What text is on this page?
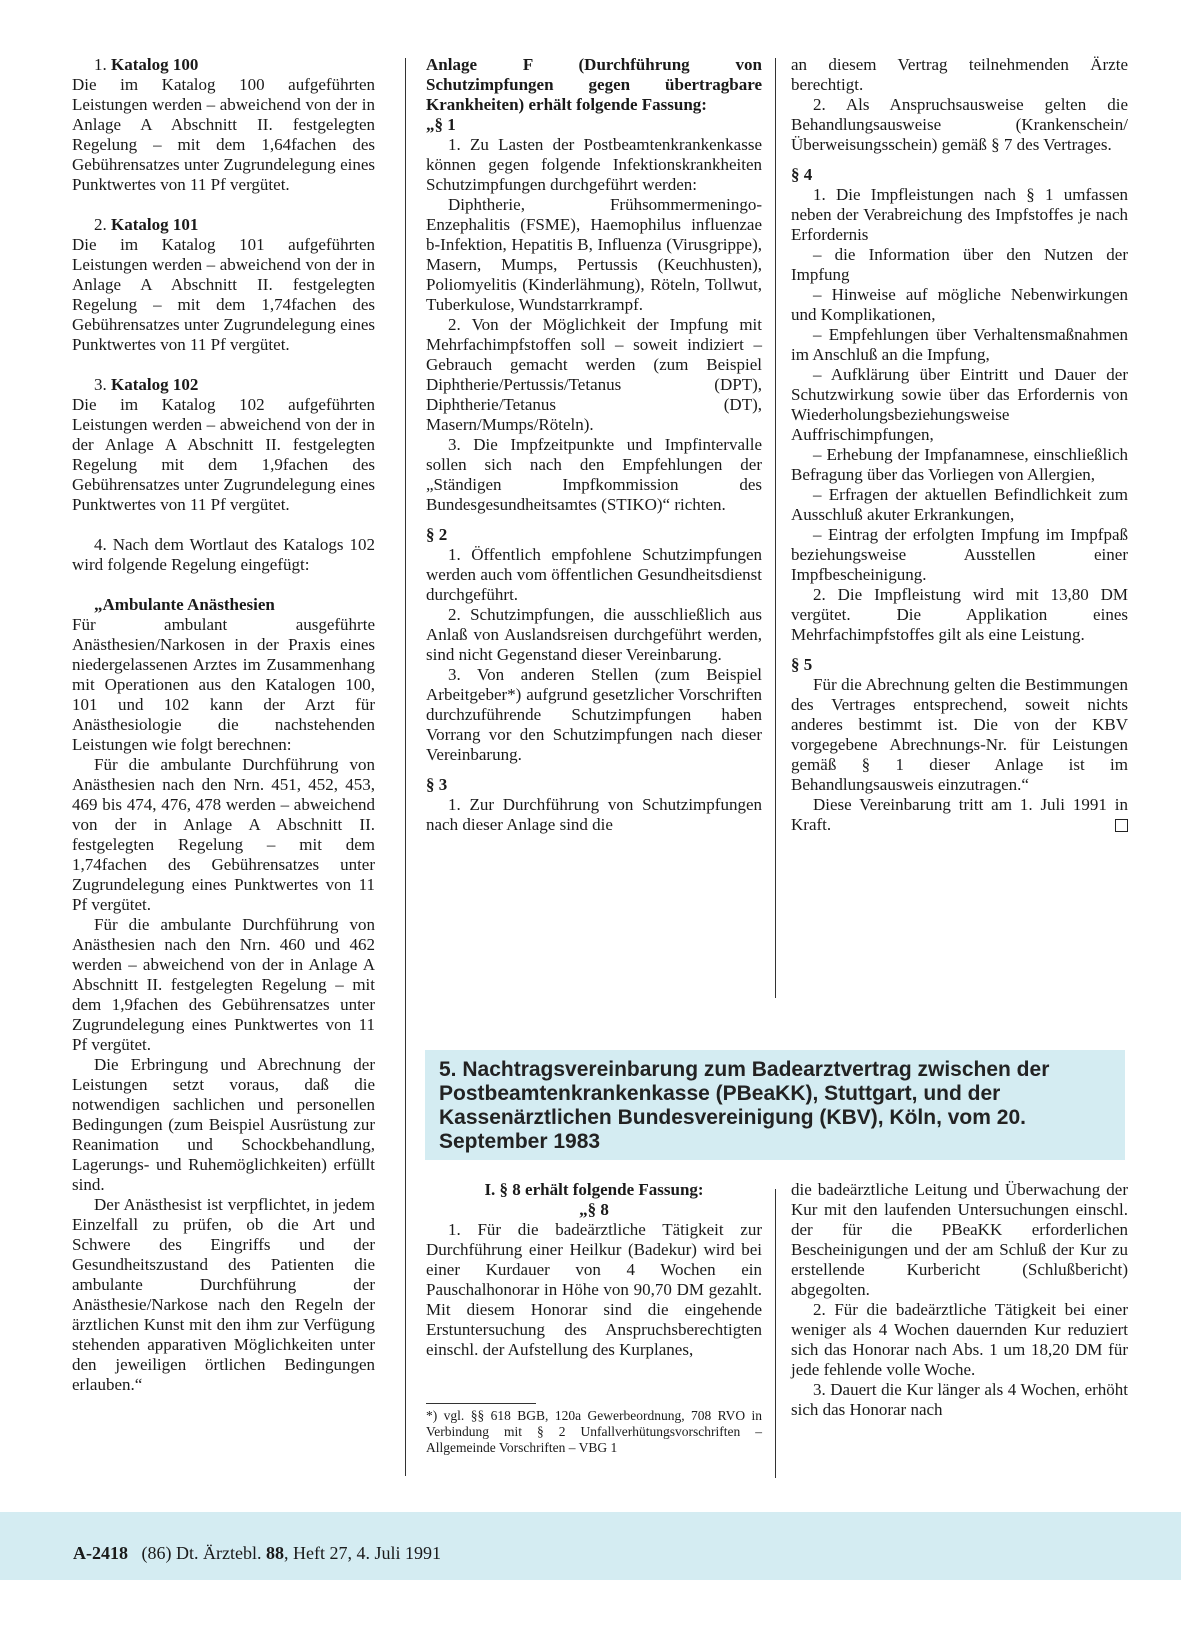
1. Katalog 100

Die im Katalog 100 aufgeführten Leistungen werden – abweichend von der in Anlage A Abschnitt II. festgelegten Regelung – mit dem 1,64fachen des Gebührensatzes unter Zugrundelegung eines Punktwertes von 11 Pf vergütet.

2. Katalog 101

Die im Katalog 101 aufgeführten Leistungen werden – abweichend von der in Anlage A Abschnitt II. festgelegten Regelung – mit dem 1,74fachen des Gebührensatzes unter Zugrundelegung eines Punktwertes von 11 Pf vergütet.

3. Katalog 102

Die im Katalog 102 aufgeführten Leistungen werden – abweichend von der in der Anlage A Abschnitt II. festgelegten Regelung mit dem 1,9fachen des Gebührensatzes unter Zugrundelegung eines Punktwertes von 11 Pf vergütet.

4. Nach dem Wortlaut des Katalogs 102 wird folgende Regelung eingefügt:

„Ambulante Anästhesien

Für ambulant ausgeführte Anästhesien/Narkosen in der Praxis eines niedergelassenen Arztes im Zusammenhang mit Operationen aus den Katalogen 100, 101 und 102 kann der Arzt für Anästhesiologie die nachstehenden Leistungen wie folgt berechnen:

Für die ambulante Durchführung von Anästhesien nach den Nrn. 451, 452, 453, 469 bis 474, 476, 478 werden – abweichend von der in Anlage A Abschnitt II. festgelegten Regelung – mit dem 1,74fachen des Gebührensatzes unter Zugrundelegung eines Punktwertes von 11 Pf vergütet.

Für die ambulante Durchführung von Anästhesien nach den Nrn. 460 und 462 werden – abweichend von der in Anlage A Abschnitt II. festgelegten Regelung – mit dem 1,9fachen des Gebührensatzes unter Zugrundelegung eines Punktwertes von 11 Pf vergütet.

Die Erbringung und Abrechnung der Leistungen setzt voraus, daß die notwendigen sachlichen und personellen Bedingungen (zum Beispiel Ausrüstung zur Reanimation und Schockbehandlung, Lagerungs- und Ruhemöglichkeiten) erfüllt sind.

Der Anästhesist ist verpflichtet, in jedem Einzelfall zu prüfen, ob die Art und Schwere des Eingriffs und der Gesundheitszustand des Patienten die ambulante Durchführung der Anästhesie/Narkose nach den Regeln der ärztlichen Kunst mit den ihm zur Verfügung stehenden apparativen Möglichkeiten unter den jeweiligen örtlichen Bedingungen erlauben.“

Anlage F (Durchführung von Schutzimpfungen gegen übertragbare Krankheiten) erhält folgende Fassung:

„§ 1

1. Zu Lasten der Postbeamtenkrankenkasse können gegen folgende Infektionskrankheiten Schutzimpfungen durchgeführt werden:

Diphtherie, Frühsommermeningo-Enzephalitis (FSME), Haemophilus influenzae b-Infektion, Hepatitis B, Influenza (Virusgrippe), Masern, Mumps, Pertussis (Keuchhusten), Poliomyelitis (Kinderlähmung), Röteln, Tollwut, Tuberkulose, Wundstarrkrampf.

2. Von der Möglichkeit der Impfung mit Mehrfachimpfstoffen soll – soweit indiziert – Gebrauch gemacht werden (zum Beispiel Diphtherie/Pertussis/Tetanus (DPT), Diphtherie/Tetanus (DT), Masern/Mumps/Röteln).

3. Die Impfzeitpunkte und Impfintervalle sollen sich nach den Empfehlungen der „Ständigen Impfkommission des Bundesgesundheitsamtes (STIKO)“ richten.

§ 2

1. Öffentlich empfohlene Schutzimpfungen werden auch vom öffentlichen Gesundheitsdienst durchgeführt.

2. Schutzimpfungen, die ausschließlich aus Anlaß von Auslandsreisen durchgeführt werden, sind nicht Gegenstand dieser Vereinbarung.

3. Von anderen Stellen (zum Beispiel Arbeitgeber*) aufgrund gesetzlicher Vorschriften durchzuführende Schutzimpfungen haben Vorrang vor den Schutzimpfungen nach dieser Vereinbarung.

§ 3

1. Zur Durchführung von Schutzimpfungen nach dieser Anlage sind die

an diesem Vertrag teilnehmenden Ärzte berechtigt.

2. Als Anspruchsausweise gelten die Behandlungsausweise (Krankenschein/Überweisungsschein) gemäß § 7 des Vertrages.

§ 4

1. Die Impfleistungen nach § 1 umfassen neben der Verabreichung des Impfstoffes je nach Erfordernis

– die Information über den Nutzen der Impfung

– Hinweise auf mögliche Nebenwirkungen und Komplikationen,

– Empfehlungen über Verhaltensmaßnahmen im Anschluß an die Impfung,

– Aufklärung über Eintritt und Dauer der Schutzwirkung sowie über das Erfordernis von Wiederholungsbeziehungsweise Auffrischimpfungen,

– Erhebung der Impfanamnese, einschließlich Befragung über das Vorliegen von Allergien,

– Erfragen der aktuellen Befindlichkeit zum Ausschluß akuter Erkrankungen,

– Eintrag der erfolgten Impfung im Impfpaß beziehungsweise Ausstellen einer Impfbescheinigung.

2. Die Impfleistung wird mit 13,80 DM vergütet. Die Applikation eines Mehrfachimpfstoffes gilt als eine Leistung.

§ 5

Für die Abrechnung gelten die Bestimmungen des Vertrages entsprechend, soweit nichts anderes bestimmt ist. Die von der KBV vorgegebene Abrechnungs-Nr. für Leistungen gemäß § 1 dieser Anlage ist im Behandlungsausweis einzutragen.“

Diese Vereinbarung tritt am 1. Juli 1991 in Kraft.

5. Nachtragsvereinbarung zum Badearztvertrag zwischen der Postbeamtenkrankenkasse (PBeaKK), Stuttgart, und der Kassenärztlichen Bundesvereinigung (KBV), Köln, vom 20. September 1983

I. § 8 erhält folgende Fassung:

„§ 8

1. Für die badeärztliche Tätigkeit zur Durchführung einer Heilkur (Badekur) wird bei einer Kurdauer von 4 Wochen ein Pauschalhonorar in Höhe von 90,70 DM gezahlt. Mit diesem Honorar sind die eingehende Erstuntersuchung des Anspruchsberechtigten einschl. der Aufstellung des Kurplanes,

*) vgl. §§ 618 BGB, 120a Gewerbeordnung, 708 RVO in Verbindung mit § 2 Unfallverhütungsvorschriften – Allgemeinde Vorschriften – VBG 1

die badeärztliche Leitung und Überwachung der Kur mit den laufenden Untersuchungen einschl. der für die PBeaKK erforderlichen Bescheinigungen und der am Schluß der Kur zu erstellende Kurbericht (Schlußbericht) abgegolten.

2. Für die badeärztliche Tätigkeit bei einer weniger als 4 Wochen dauernden Kur reduziert sich das Honorar nach Abs. 1 um 18,20 DM für jede fehlende volle Woche.

3. Dauert die Kur länger als 4 Wochen, erhöht sich das Honorar nach

A-2418 (86) Dt. Ärztebl. 88, Heft 27, 4. Juli 1991
